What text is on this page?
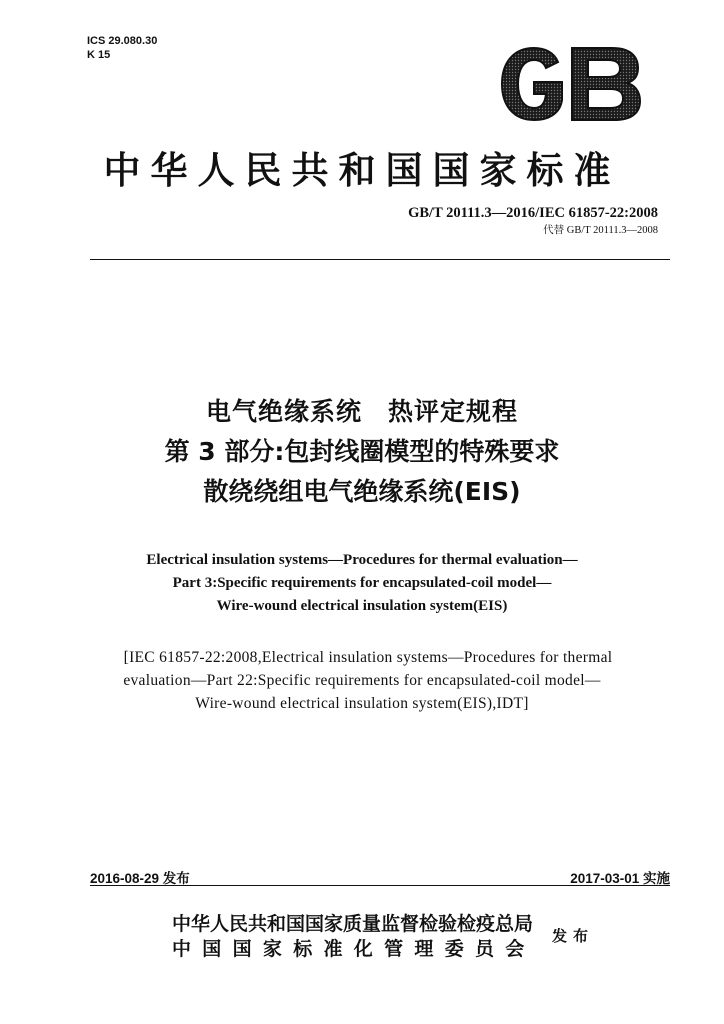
ICS 29.080.30
K 15
中华人民共和国国家标准
GB/T 20111.3—2016/IEC 61857-22:2008
代替 GB/T 20111.3—2008
电气绝缘系统　热评定规程
第 3 部分:包封线圈模型的特殊要求
散绕绕组电气绝缘系统(EIS)
Electrical insulation systems—Procedures for thermal evaluation—
Part 3:Specific requirements for encapsulated-coil model—
Wire-wound electrical insulation system(EIS)
[IEC 61857-22:2008,Electrical insulation systems—Procedures for thermal
evaluation—Part 22:Specific requirements for encapsulated-coil model—
Wire-wound electrical insulation system(EIS),IDT]
2016-08-29 发布	2017-03-01 实施
中华人民共和国国家质量监督检验检疫总局
中国国家标准化管理委员会
发布
